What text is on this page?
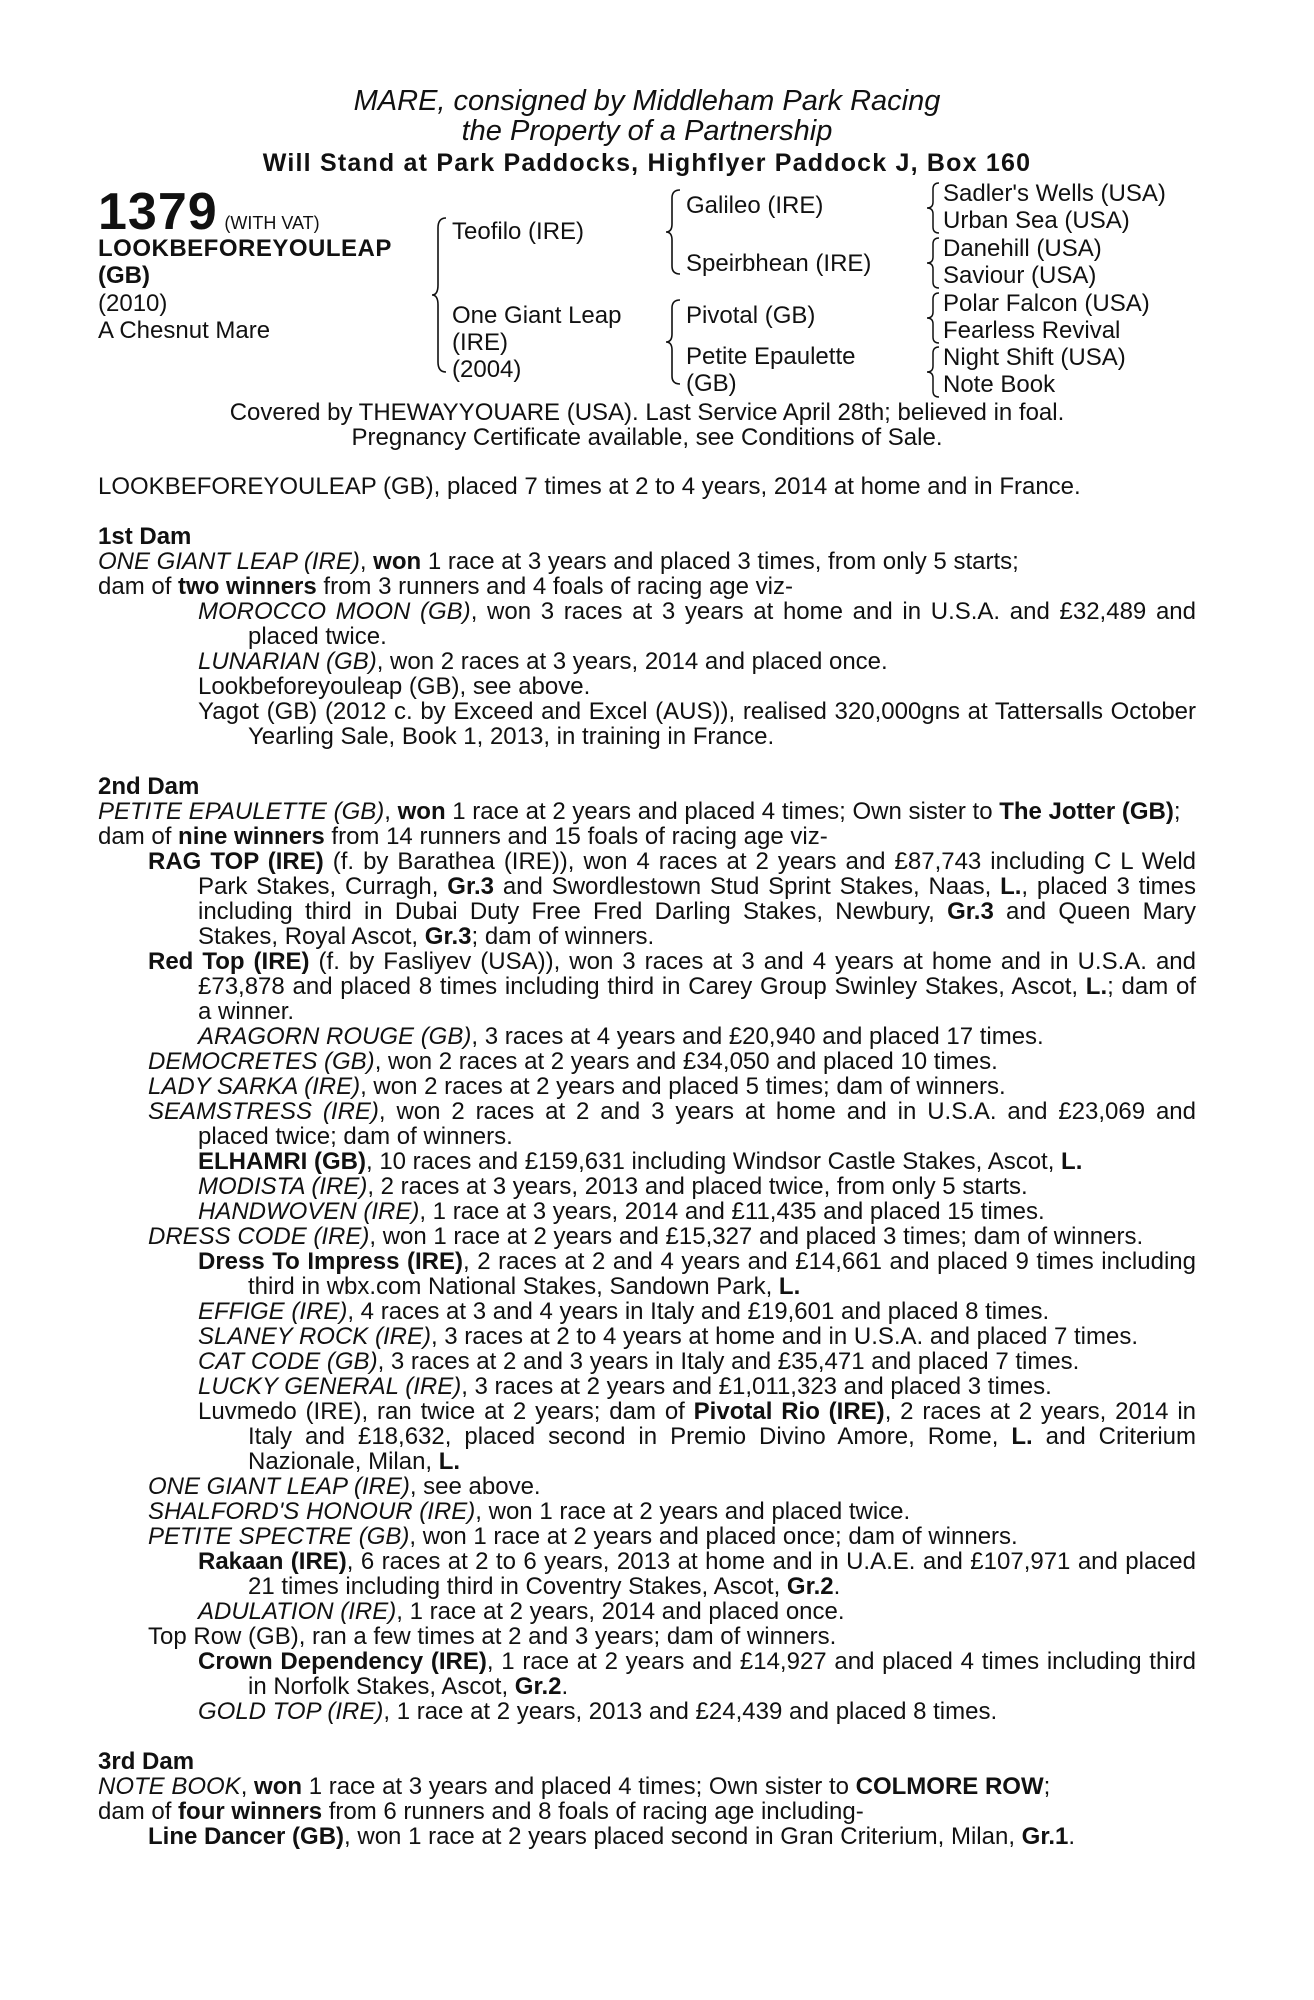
MARE, consigned by Middleham Park Racing
the Property of a Partnership
Will Stand at Park Paddocks, Highflyer Paddock J, Box 160
1379 (WITH VAT)
LOOKBEFOREYOULEAP
(GB)
(2010)
A Chesnut Mare
Teofilo (IRE)
One Giant Leap
(IRE)
(2004)
Galileo (IRE)
Speirbhean (IRE)
Pivotal (GB)
Petite Epaulette
(GB)
Sadler's Wells (USA)
Urban Sea (USA)
Danehill (USA)
Saviour (USA)
Polar Falcon (USA)
Fearless Revival
Night Shift (USA)
Note Book
Covered by THEWAYYOUARE (USA). Last Service April 28th; believed in foal.
Pregnancy Certificate available, see Conditions of Sale.

LOOKBEFOREYOULEAP (GB), placed 7 times at 2 to 4 years, 2014 at home and in France.

1st Dam

ONE GIANT LEAP (IRE), won 1 race at 3 years and placed 3 times, from only 5 starts;

dam of two winners from 3 runners and 4 foals of racing age viz-

MOROCCO MOON (GB), won 3 races at 3 years at home and in U.S.A. and £32,489 and placed twice.

LUNARIAN (GB), won 2 races at 3 years, 2014 and placed once.

Lookbeforeyouleap (GB), see above.

Yagot (GB) (2012 c. by Exceed and Excel (AUS)), realised 320,000gns at Tattersalls October Yearling Sale, Book 1, 2013, in training in France.

2nd Dam

PETITE EPAULETTE (GB), won 1 race at 2 years and placed 4 times; Own sister to The Jotter (GB);

dam of nine winners from 14 runners and 15 foals of racing age viz-

RAG TOP (IRE) (f. by Barathea (IRE)), won 4 races at 2 years and £87,743 including C L Weld Park Stakes, Curragh, Gr.3 and Swordlestown Stud Sprint Stakes, Naas, L., placed 3 times including third in Dubai Duty Free Fred Darling Stakes, Newbury, Gr.3 and Queen Mary Stakes, Royal Ascot, Gr.3; dam of winners.

Red Top (IRE) (f. by Fasliyev (USA)), won 3 races at 3 and 4 years at home and in U.S.A. and £73,878 and placed 8 times including third in Carey Group Swinley Stakes, Ascot, L.; dam of a winner.

ARAGORN ROUGE (GB), 3 races at 4 years and £20,940 and placed 17 times.

DEMOCRETES (GB), won 2 races at 2 years and £34,050 and placed 10 times.

LADY SARKA (IRE), won 2 races at 2 years and placed 5 times; dam of winners.

SEAMSTRESS (IRE), won 2 races at 2 and 3 years at home and in U.S.A. and £23,069 and placed twice; dam of winners.

ELHAMRI (GB), 10 races and £159,631 including Windsor Castle Stakes, Ascot, L.

MODISTA (IRE), 2 races at 3 years, 2013 and placed twice, from only 5 starts.

HANDWOVEN (IRE), 1 race at 3 years, 2014 and £11,435 and placed 15 times.

DRESS CODE (IRE), won 1 race at 2 years and £15,327 and placed 3 times; dam of winners.

Dress To Impress (IRE), 2 races at 2 and 4 years and £14,661 and placed 9 times including third in wbx.com National Stakes, Sandown Park, L.

EFFIGE (IRE), 4 races at 3 and 4 years in Italy and £19,601 and placed 8 times.

SLANEY ROCK (IRE), 3 races at 2 to 4 years at home and in U.S.A. and placed 7 times.

CAT CODE (GB), 3 races at 2 and 3 years in Italy and £35,471 and placed 7 times.

LUCKY GENERAL (IRE), 3 races at 2 years and £1,011,323 and placed 3 times.

Luvmedo (IRE), ran twice at 2 years; dam of Pivotal Rio (IRE), 2 races at 2 years, 2014 in Italy and £18,632, placed second in Premio Divino Amore, Rome, L. and Criterium Nazionale, Milan, L.

ONE GIANT LEAP (IRE), see above.

SHALFORD'S HONOUR (IRE), won 1 race at 2 years and placed twice.

PETITE SPECTRE (GB), won 1 race at 2 years and placed once; dam of winners.

Rakaan (IRE), 6 races at 2 to 6 years, 2013 at home and in U.A.E. and £107,971 and placed 21 times including third in Coventry Stakes, Ascot, Gr.2.

ADULATION (IRE), 1 race at 2 years, 2014 and placed once.

Top Row (GB), ran a few times at 2 and 3 years; dam of winners.

Crown Dependency (IRE), 1 race at 2 years and £14,927 and placed 4 times including third in Norfolk Stakes, Ascot, Gr.2.

GOLD TOP (IRE), 1 race at 2 years, 2013 and £24,439 and placed 8 times.

3rd Dam

NOTE BOOK, won 1 race at 3 years and placed 4 times; Own sister to COLMORE ROW;

dam of four winners from 6 runners and 8 foals of racing age including-

Line Dancer (GB), won 1 race at 2 years placed second in Gran Criterium, Milan, Gr.1.
